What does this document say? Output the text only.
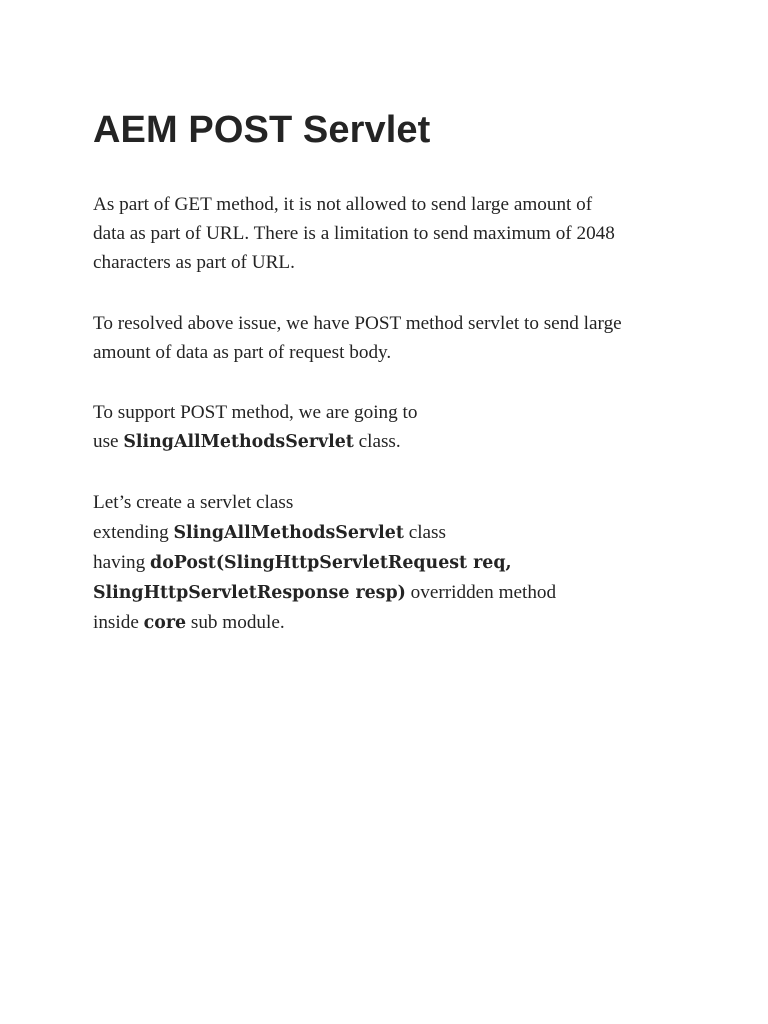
AEM POST Servlet

As part of GET method, it is not allowed to send large amount of
data as part of URL. There is a limitation to send maximum of 2048
characters as part of URL.

To resolved above issue, we have POST method servlet to send large
amount of data as part of request body.

To support POST method, we are going to
use SlingAllMethodsServlet class.

Let’s create a servlet class
extending SlingAllMethodsServlet class
having doPost(SlingHttpServletRequest req,
SlingHttpServletResponse resp) overridden method
inside core sub module.
